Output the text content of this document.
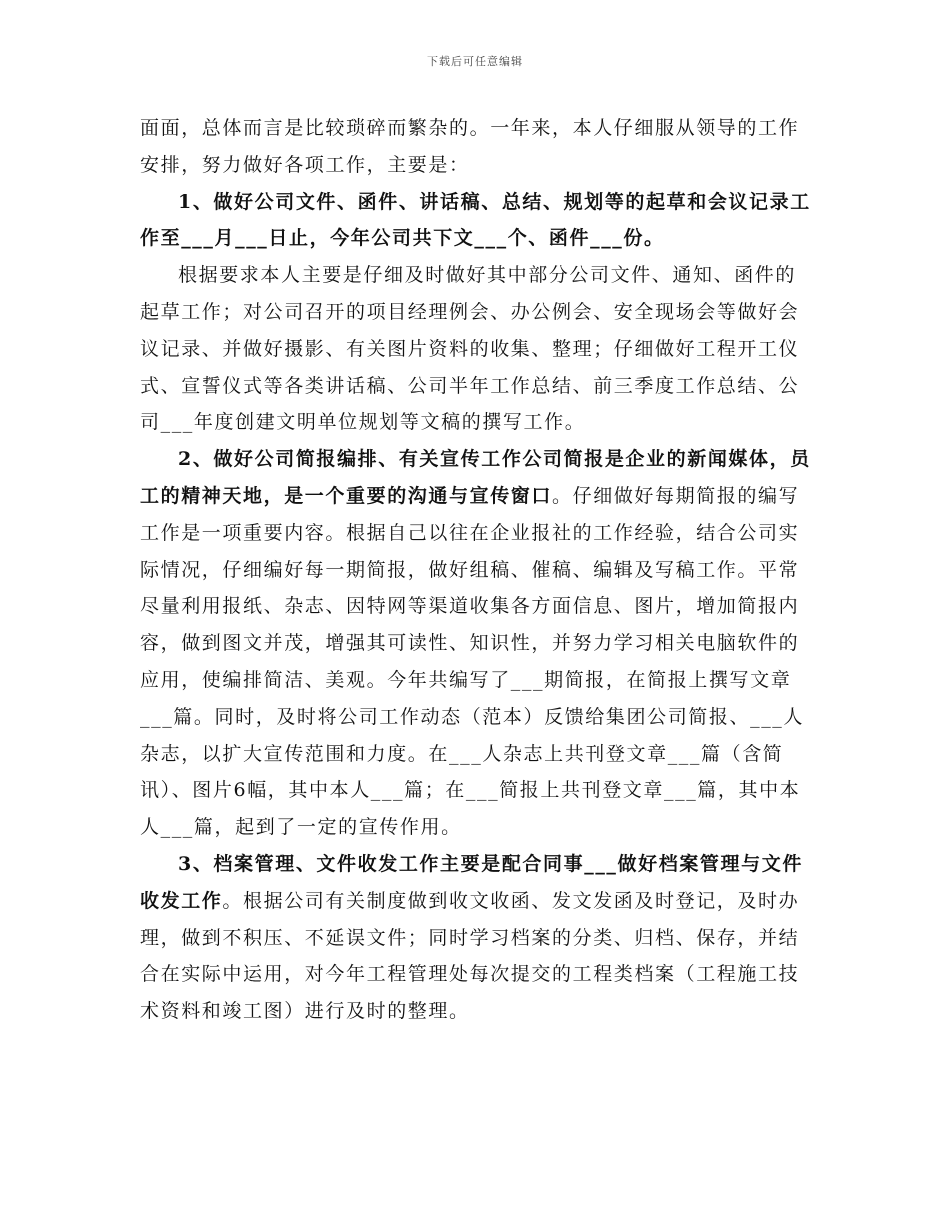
下载后可任意编辑

面面，总体而言是比较琐碎而繁杂的。一年来，本人仔细服从领导的工作安排，努力做好各项工作，主要是：

1、做好公司文件、函件、讲话稿、总结、规划等的起草和会议记录工作至___月___日止，今年公司共下文___个、函件___份。

根据要求本人主要是仔细及时做好其中部分公司文件、通知、函件的起草工作；对公司召开的项目经理例会、办公例会、安全现场会等做好会议记录、并做好摄影、有关图片资料的收集、整理；仔细做好工程开工仪式、宣誓仪式等各类讲话稿、公司半年工作总结、前三季度工作总结、公司___年度创建文明单位规划等文稿的撰写工作。

2、做好公司简报编排、有关宣传工作公司简报是企业的新闻媒体，员工的精神天地，是一个重要的沟通与宣传窗口。仔细做好每期简报的编写工作是一项重要内容。根据自己以往在企业报社的工作经验，结合公司实际情况，仔细编好每一期简报，做好组稿、催稿、编辑及写稿工作。平常尽量利用报纸、杂志、因特网等渠道收集各方面信息、图片，增加简报内容，做到图文并茂，增强其可读性、知识性，并努力学习相关电脑软件的应用，使编排简洁、美观。今年共编写了___期简报，在简报上撰写文章___篇。同时，及时将公司工作动态（范本）反馈给集团公司简报、___人杂志，以扩大宣传范围和力度。在___人杂志上共刊登文章___篇（含简讯）、图片6幅，其中本人___篇；在___简报上共刊登文章___篇，其中本人___篇，起到了一定的宣传作用。

3、档案管理、文件收发工作主要是配合同事___做好档案管理与文件收发工作。根据公司有关制度做到收文收函、发文发函及时登记，及时办理，做到不积压、不延误文件；同时学习档案的分类、归档、保存，并结合在实际中运用，对今年工程管理处每次提交的工程类档案（工程施工技术资料和竣工图）进行及时的整理。
